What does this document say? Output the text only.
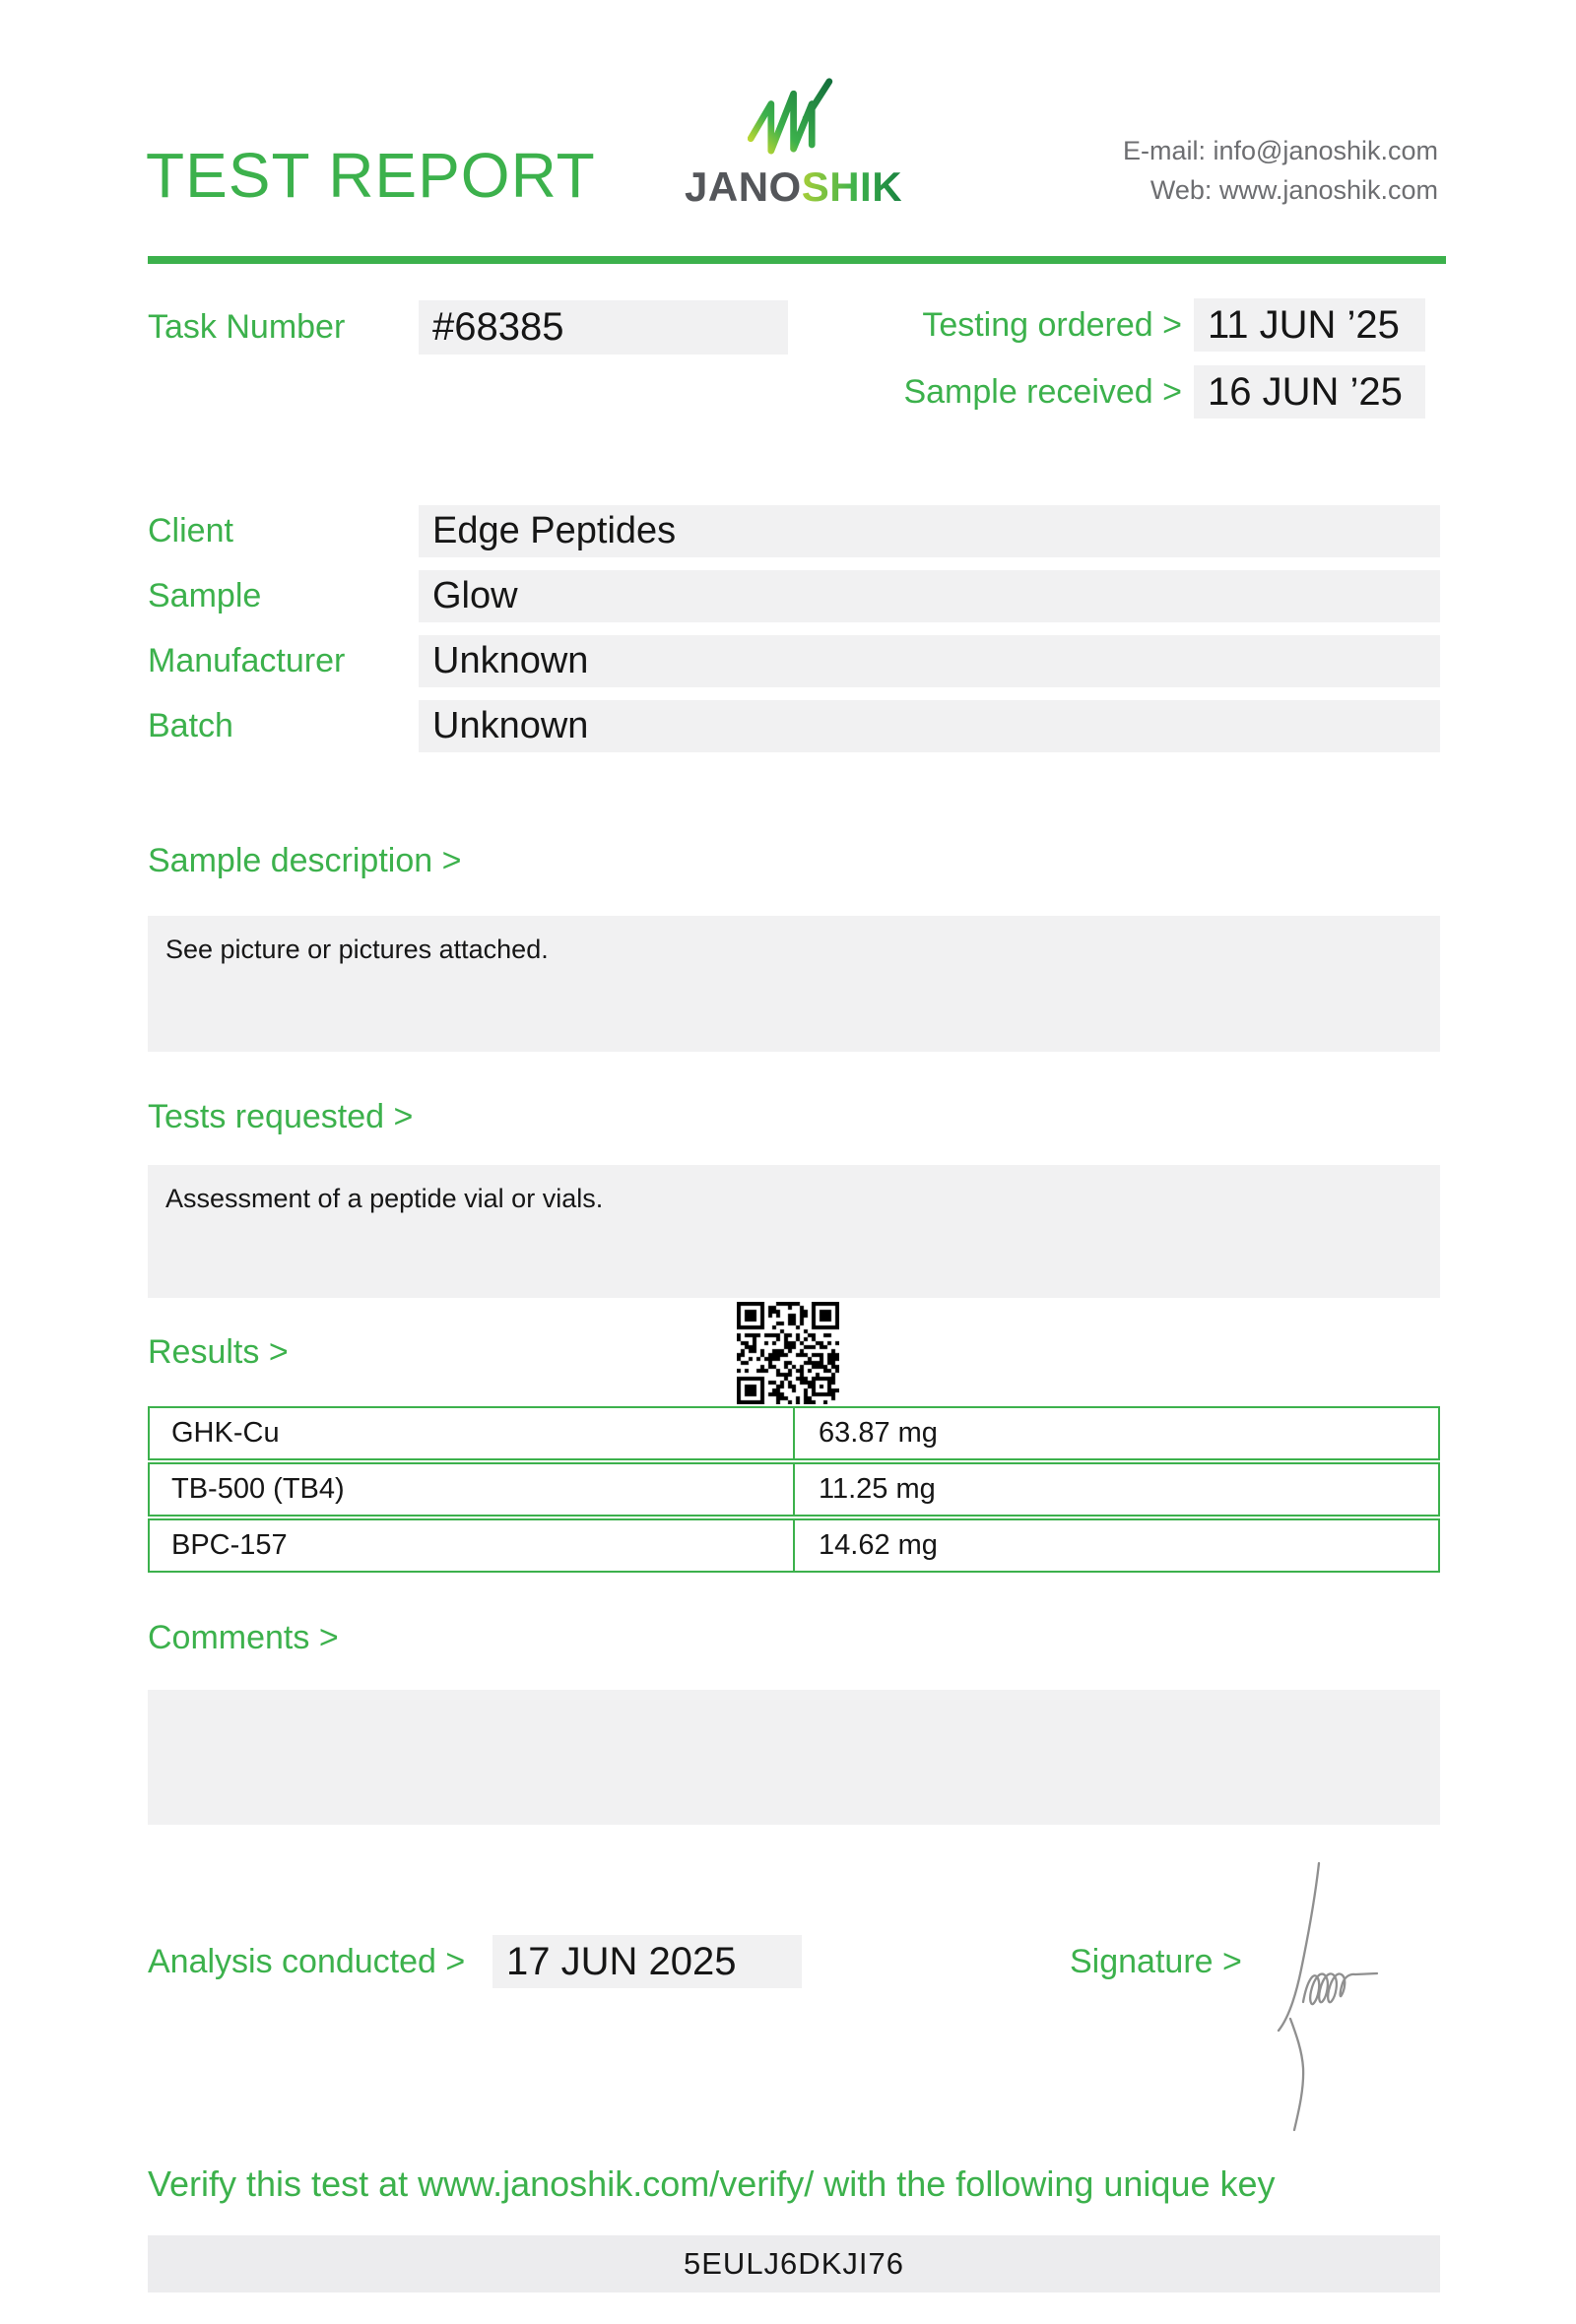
TEST REPORT JANOSHIK
E-mail: info@janoshik.com
Web: www.janoshik.com
Task Number	#68385	Testing ordered > 11 JUN ’25
Sample received > 16 JUN ’25
Client	Edge Peptides
Sample	Glow
Manufacturer	Unknown
Batch	Unknown
Sample description >
See picture or pictures attached.
Tests requested >
Assessment of a peptide vial or vials.
Results >
GHK-Cu	63.87 mg
TB-500 (TB4)	11.25 mg
BPC-157	14.62 mg
Comments >
Analysis conducted >	17 JUN 2025	Signature >

Verify this test at www.janoshik.com/verify/ with the following unique key

5EULJ6DKJI76
